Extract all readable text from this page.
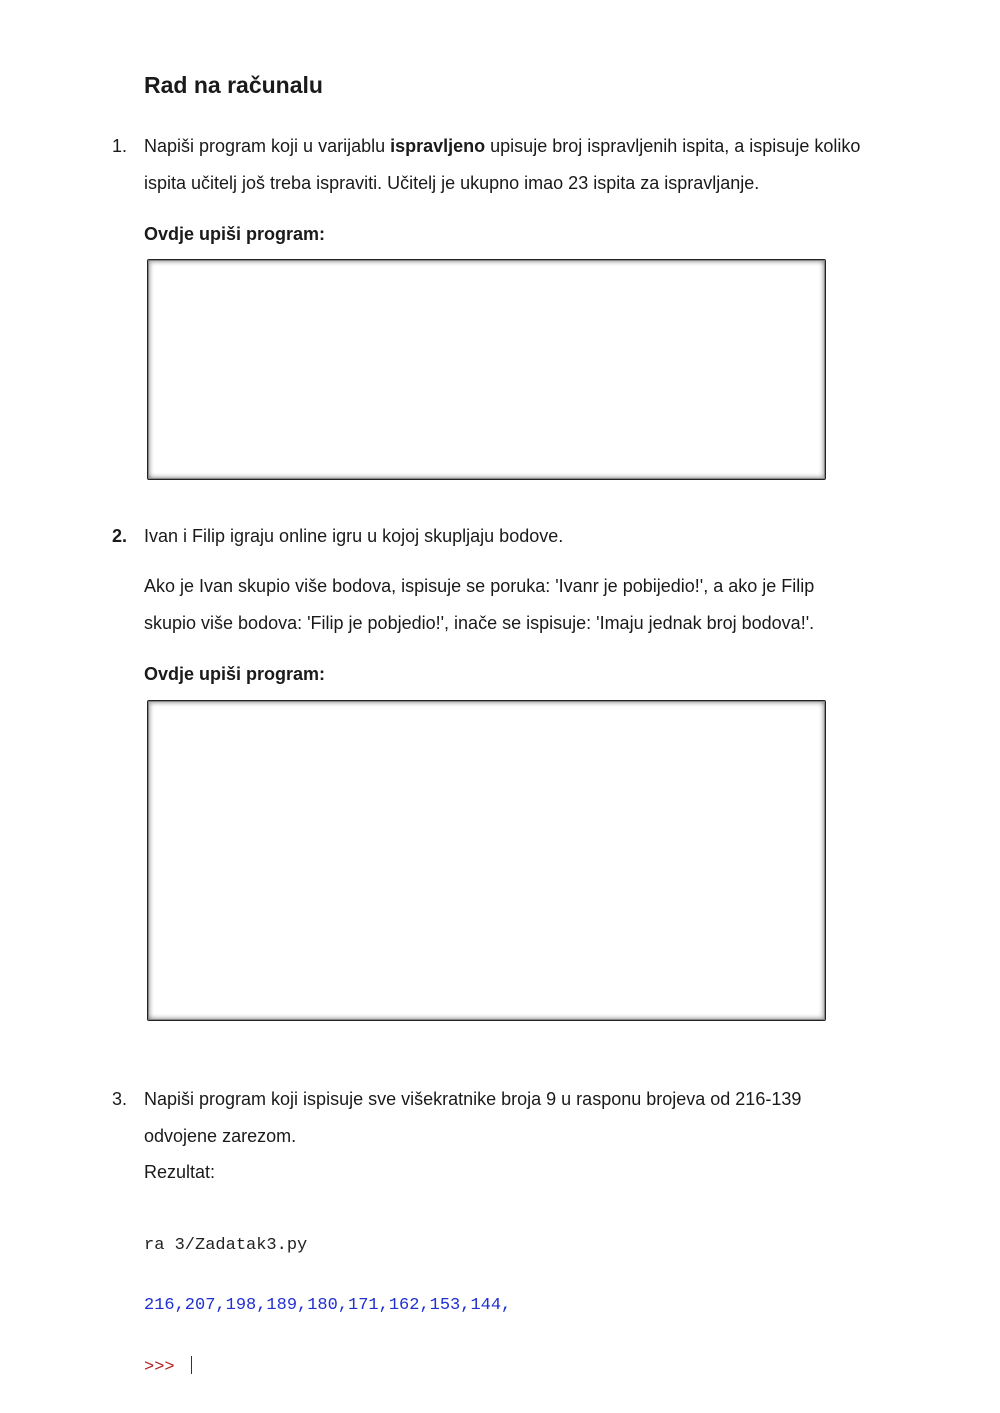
Rad na računalu
1. Napiši program koji u varijablu ispravljeno upisuje broj ispravljenih ispita, a ispisuje koliko
ispita učitelj još treba ispraviti. Učitelj je ukupno imao 23 ispita za ispravljanje.
Ovdje upiši program:
2. Ivan i Filip igraju online igru u kojoj skupljaju bodove.
Ako je Ivan skupio više bodova, ispisuje se poruka: 'Ivanr je pobijedio!', a ako je Filip
skupio više bodova: 'Filip je pobjedio!', inače se ispisuje: 'Imaju jednak broj bodova!'.
Ovdje upiši program:
3. Napiši program koji ispisuje sve višekratnike broja 9 u rasponu brojeva od 216-139
odvojene zarezom.
Rezultat:

ra 3/Zadatak3.py

216,207,198,189,180,171,162,153,144,

>>>
